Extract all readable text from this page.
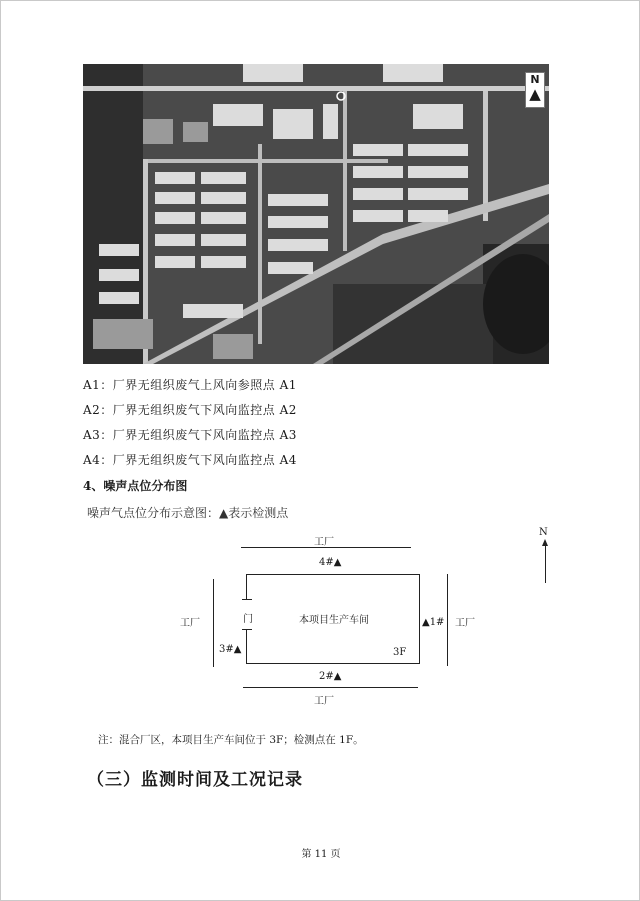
N
▲
A1：厂界无组织废气上风向参照点 A1
A2：厂界无组织废气下风向监控点 A2
A3：厂界无组织废气下风向监控点 A3
A4：厂界无组织废气下风向监控点 A4
4、噪声点位分布图
噪声气点位分布示意图：▲表示检测点
工厂
4#▲
门	本项目生产车间
3F
工厂
3#▲
▲1# 工厂
2#▲
工厂
N
注：混合厂区，本项目生产车间位于 3F；检测点在 1F。
（三）监测时间及工况记录
第 11 页
